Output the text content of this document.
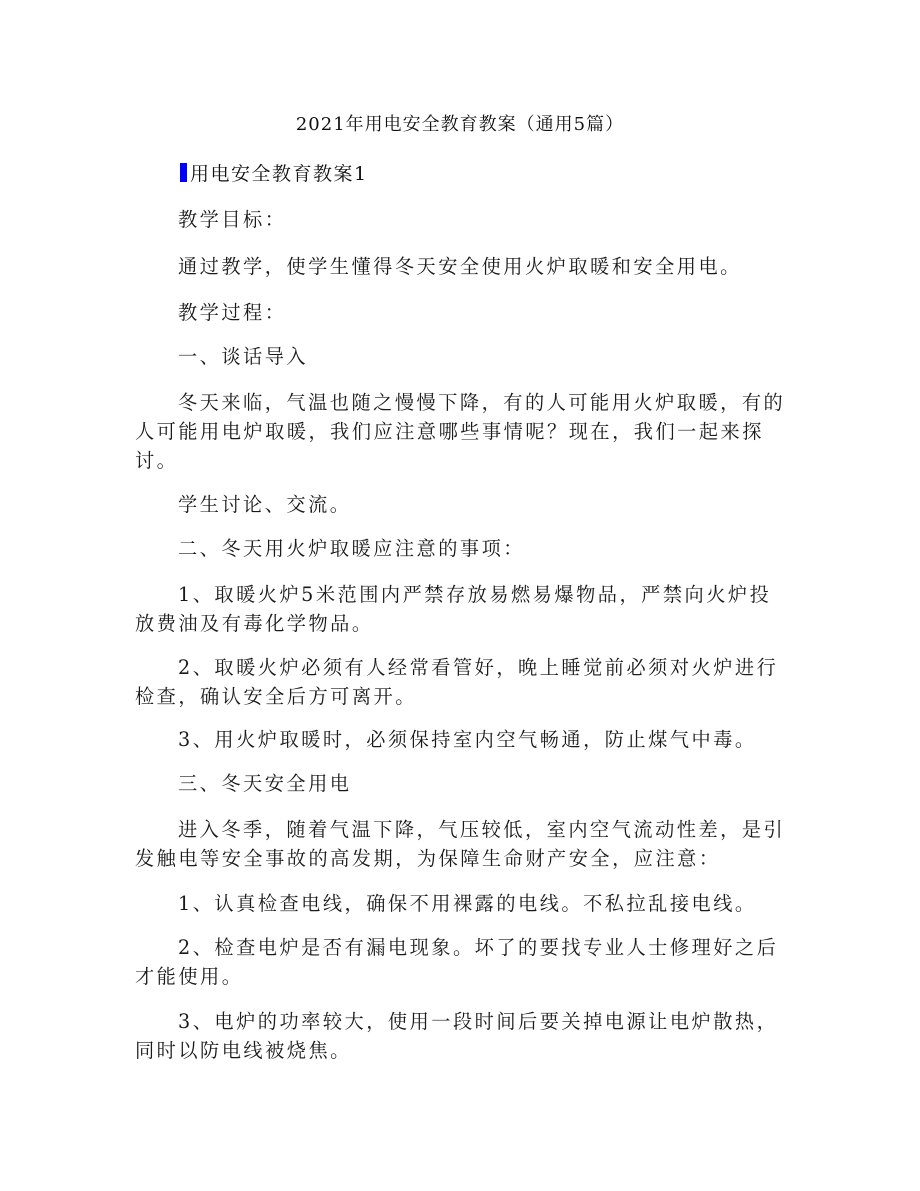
2021年用电安全教育教案（通用5篇）
用电安全教育教案1

教学目标：

通过教学，使学生懂得冬天安全使用火炉取暖和安全用电。

教学过程：

一、谈话导入

冬天来临，气温也随之慢慢下降，有的人可能用火炉取暖，有的人可能用电炉取暖，我们应注意哪些事情呢？现在，我们一起来探讨。

学生讨论、交流。

二、冬天用火炉取暖应注意的事项：

1、取暖火炉5米范围内严禁存放易燃易爆物品，严禁向火炉投放费油及有毒化学物品。

2、取暖火炉必须有人经常看管好，晚上睡觉前必须对火炉进行检查，确认安全后方可离开。

3、用火炉取暖时，必须保持室内空气畅通，防止煤气中毒。

三、冬天安全用电

进入冬季，随着气温下降，气压较低，室内空气流动性差，是引发触电等安全事故的高发期，为保障生命财产安全，应注意：

1、认真检查电线，确保不用裸露的电线。不私拉乱接电线。

2、检查电炉是否有漏电现象。坏了的要找专业人士修理好之后才能使用。

3、电炉的功率较大，使用一段时间后要关掉电源让电炉散热，同时以防电线被烧焦。
